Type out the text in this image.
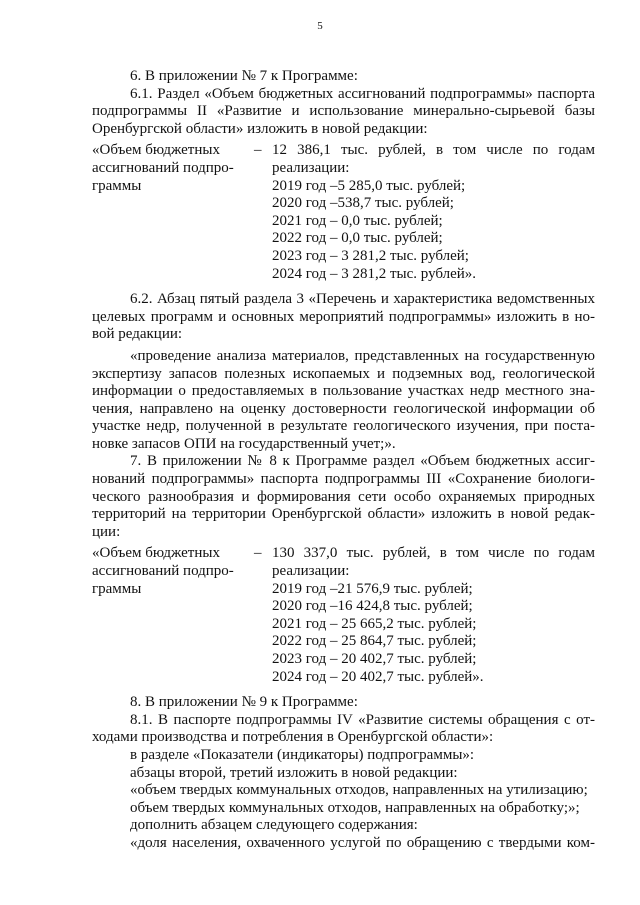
5
6. В приложении № 7 к Программе:
6.1. Раздел «Объем бюджетных ассигнований подпрограммы» паспорта
подпрограммы II «Развитие и использование минерально-сырьевой базы
Оренбургской области» изложить в новой редакции:
«Объем бюджетных
ассигнований подпро-
граммы
– 12 386,1 тыс. рублей, в том числе по годам
реализации:
2019 год –5 285,0 тыс. рублей;
2020 год –538,7 тыс. рублей;
2021 год – 0,0 тыс. рублей;
2022 год – 0,0 тыс. рублей;
2023 год – 3 281,2 тыс. рублей;
2024 год – 3 281,2 тыс. рублей».
6.2. Абзац пятый раздела 3 «Перечень и характеристика ведомственных
целевых программ и основных мероприятий подпрограммы» изложить в но-
вой редакции:
«проведение анализа материалов, представленных на государственную
экспертизу запасов полезных ископаемых и подземных вод, геологической
информации о предоставляемых в пользование участках недр местного зна-
чения, направлено на оценку достоверности геологической информации об
участке недр, полученной в результате геологического изучения, при поста-
новке запасов ОПИ на государственный учет;».
7. В приложении № 8 к Программе раздел «Объем бюджетных ассиг-
нований подпрограммы» паспорта подпрограммы III «Сохранение биологи-
ческого разнообразия и формирования сети особо охраняемых природных
территорий на территории Оренбургской области» изложить в новой редак-
ции:
«Объем бюджетных
ассигнований подпро-
граммы
– 130 337,0 тыс. рублей, в том числе по годам
реализации:
2019 год –21 576,9 тыс. рублей;
2020 год –16 424,8 тыс. рублей;
2021 год – 25 665,2 тыс. рублей;
2022 год – 25 864,7 тыс. рублей;
2023 год – 20 402,7 тыс. рублей;
2024 год – 20 402,7 тыс. рублей».
8. В приложении № 9 к Программе:
8.1. В паспорте подпрограммы IV «Развитие системы обращения с от-
ходами производства и потребления в Оренбургской области»:
в разделе «Показатели (индикаторы) подпрограммы»:
абзацы второй, третий изложить в новой редакции:
«объем твердых коммунальных отходов, направленных на утилизацию;
объем твердых коммунальных отходов, направленных на обработку;»;
дополнить абзацем следующего содержания:
«доля населения, охваченного услугой по обращению с твердыми ком-
